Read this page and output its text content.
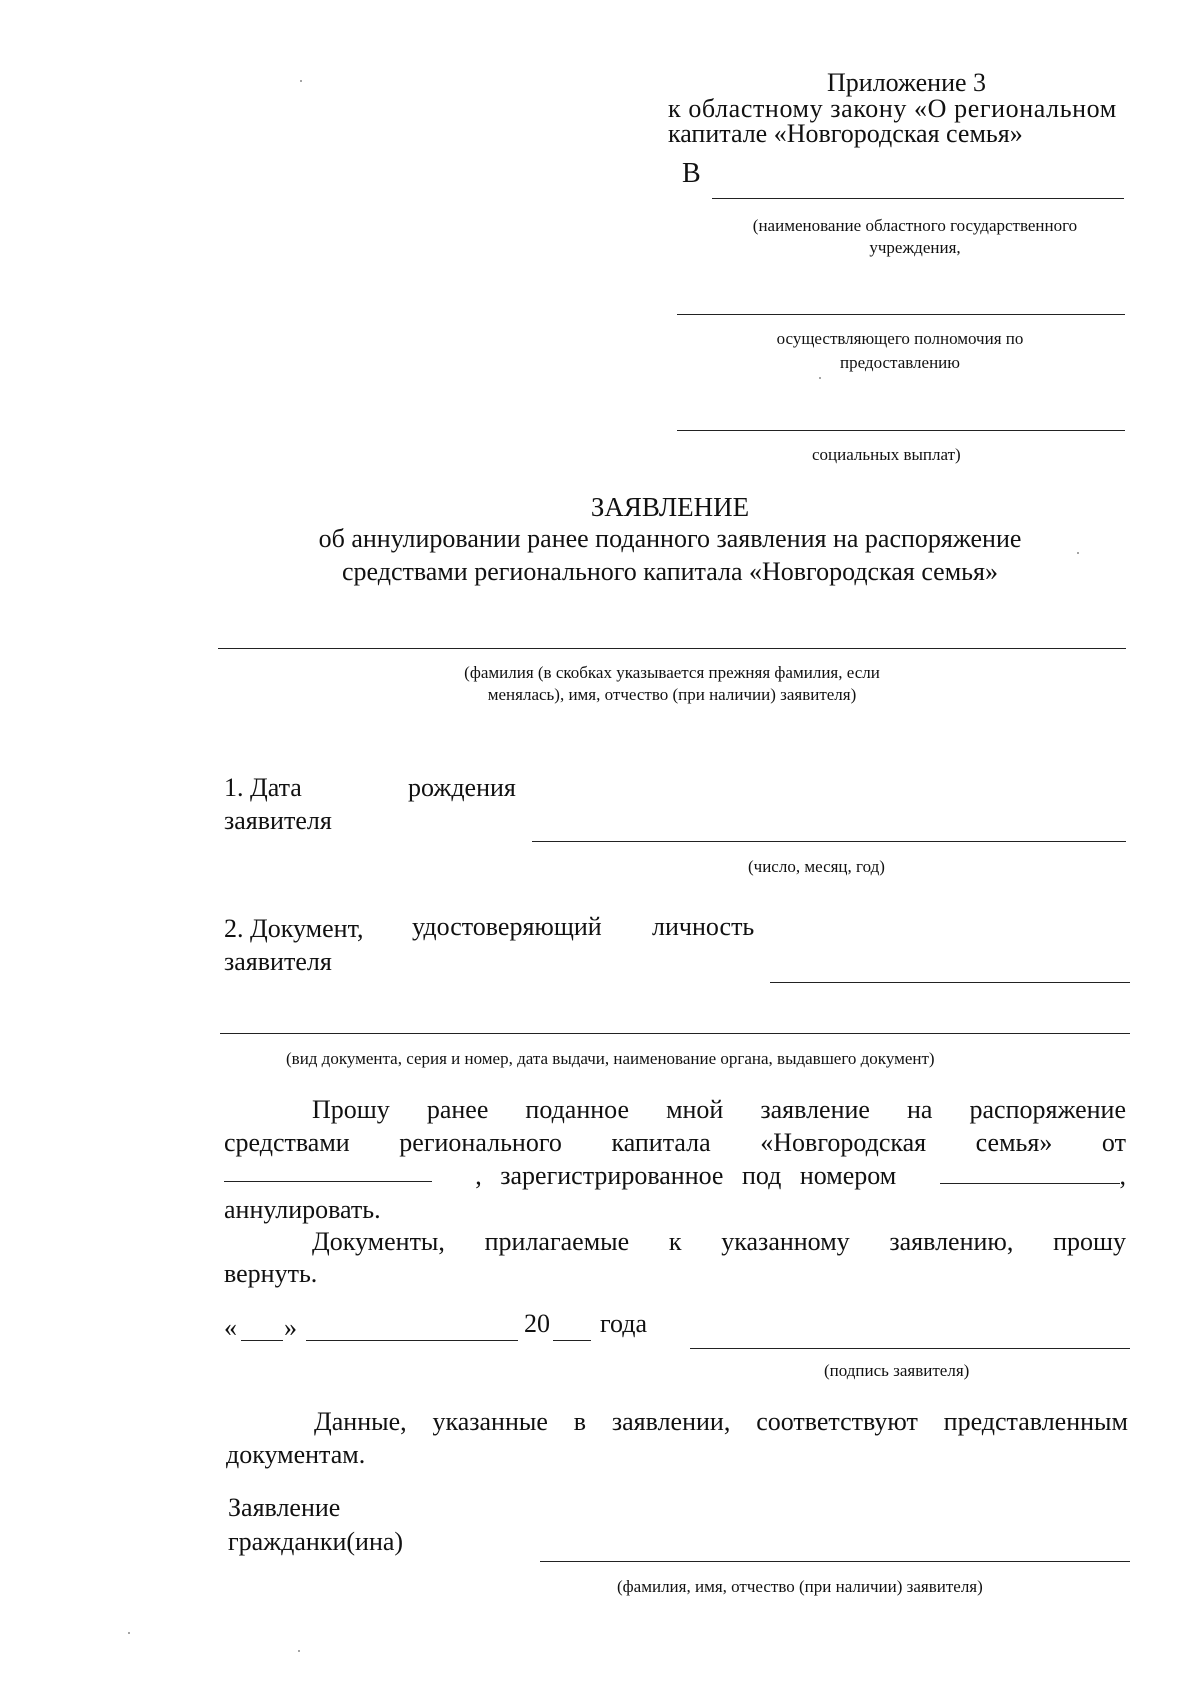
Приложение 3
к областному закону «О региональном
капитале «Новгородская семья»
В
(наименование областного государственного
учреждения,
осуществляющего полномочия по
предоставлению
социальных выплат)
ЗАЯВЛЕНИЕ
об аннулировании ранее поданного заявления на распоряжение
средствами регионального капитала «Новгородская семья»
(фамилия (в скобках указывается прежняя фамилия, если
менялась), имя, отчество (при наличии) заявителя)
1. Дата	рождения
заявителя
(число, месяц, год)
2. Документ, удостоверяющий личность
заявителя
(вид документа, серия и номер, дата выдачи, наименование органа, выдавшего документ)
Прошу ранее поданное мной заявление на распоряжение
средствами регионального капитала «Новгородская семья» от
, зарегистрированное под номером	,
аннулировать.
Документы, прилагаемые к указанному заявлению, прошу
вернуть.
« »	20 года
(подпись заявителя)
Данные, указанные в заявлении, соответствуют представленным
документам.
Заявление
гражданки(ина)
(фамилия, имя, отчество (при наличии) заявителя)
